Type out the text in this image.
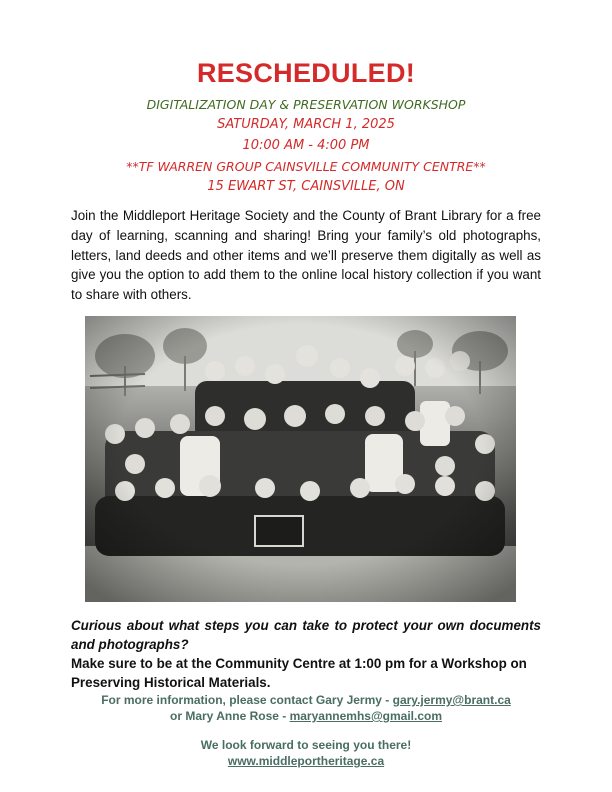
RESCHEDULED!
DIGITALIZATION DAY & PRESERVATION WORKSHOP
SATURDAY, MARCH 1, 2025
10:00 AM - 4:00 PM
**TF WARREN GROUP CAINSVILLE COMMUNITY CENTRE**
15 EWART ST, CAINSVILLE, ON
Join the Middleport Heritage Society and the County of Brant Library for a free day of learning, scanning and sharing! Bring your family’s old photographs, letters, land deeds and other items and we’ll preserve them digitally as well as give you the option to add them to the online local history collection if you want to share with others.
Curious about what steps you can take to protect your own documents and photographs?
Make sure to be at the Community Centre at 1:00 pm for a Workshop on Preserving Historical Materials.
For more information, please contact Gary Jermy - gary.jermy@brant.ca
or Mary Anne Rose - maryannemhs@gmail.com
We look forward to seeing you there!
www.middleportheritage.ca
